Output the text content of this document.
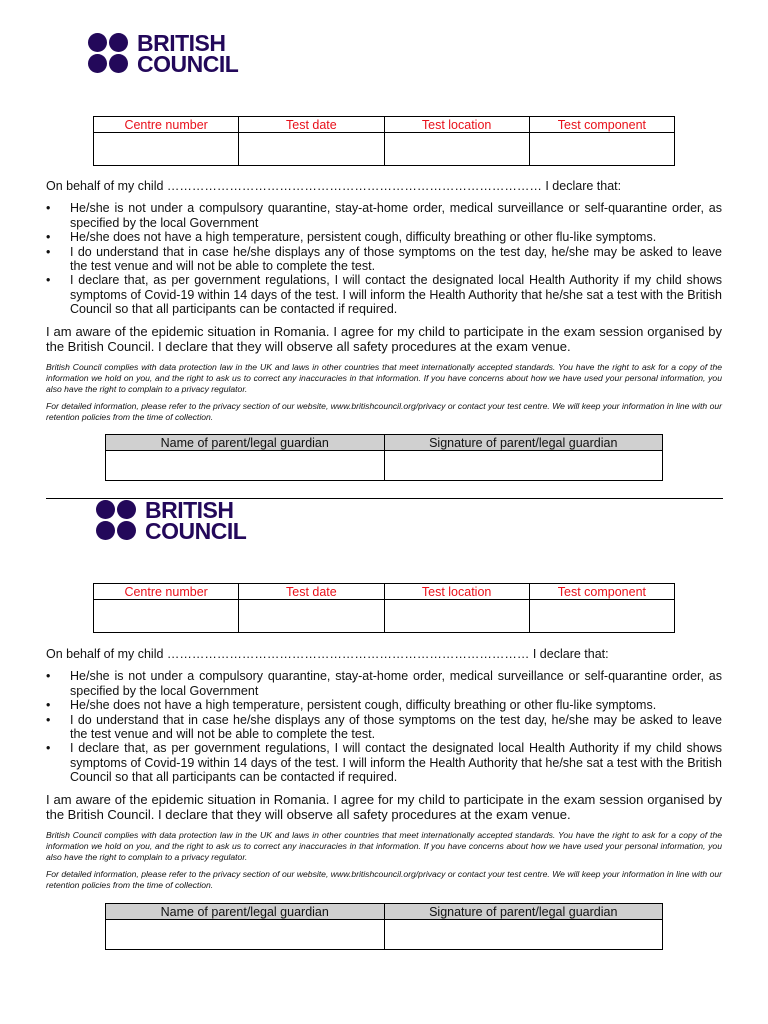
BRITISH
COUNCIL
Centre number	Test date	Test location	Test component

On behalf of my child ……………………………………………………………………………… I declare that:

• He/she is not under a compulsory quarantine, stay-at-home order, medical surveillance or self-quarantine order, as specified by the local Government
• He/she does not have a high temperature, persistent cough, difficulty breathing or other flu-like symptoms.
• I do understand that in case he/she displays any of those symptoms on the test day, he/she may be asked to leave the test venue and will not be able to complete the test.
• I declare that, as per government regulations, I will contact the designated local Health Authority if my child shows symptoms of Covid-19 within 14 days of the test. I will inform the Health Authority that he/she sat a test with the British Council so that all participants can be contacted if required.

I am aware of the epidemic situation in Romania. I agree for my child to participate in the exam session organised by the British Council. I declare that they will observe all safety procedures at the exam venue.

British Council complies with data protection law in the UK and laws in other countries that meet internationally accepted standards. You have the right to ask for a copy of the information we hold on you, and the right to ask us to correct any inaccuracies in that information. If you have concerns about how we have used your personal information, you also have the right to complain to a privacy regulator.

For detailed information, please refer to the privacy section of our website, www.britishcouncil.org/privacy or contact your test centre. We will keep your information in line with our retention policies from the time of collection.

Name of parent/legal guardian	Signature of parent/legal guardian

BRITISH
COUNCIL
Centre number	Test date	Test location	Test component

On behalf of my child …………………………………………………………………………… I declare that:

• He/she is not under a compulsory quarantine, stay-at-home order, medical surveillance or self-quarantine order, as specified by the local Government
• He/she does not have a high temperature, persistent cough, difficulty breathing or other flu-like symptoms.
• I do understand that in case he/she displays any of those symptoms on the test day, he/she may be asked to leave the test venue and will not be able to complete the test.
• I declare that, as per government regulations, I will contact the designated local Health Authority if my child shows symptoms of Covid-19 within 14 days of the test. I will inform the Health Authority that he/she sat a test with the British Council so that all participants can be contacted if required.

I am aware of the epidemic situation in Romania. I agree for my child to participate in the exam session organised by the British Council. I declare that they will observe all safety procedures at the exam venue.

British Council complies with data protection law in the UK and laws in other countries that meet internationally accepted standards. You have the right to ask for a copy of the information we hold on you, and the right to ask us to correct any inaccuracies in that information. If you have concerns about how we have used your personal information, you also have the right to complain to a privacy regulator.

For detailed information, please refer to the privacy section of our website, www.britishcouncil.org/privacy or contact your test centre. We will keep your information in line with our retention policies from the time of collection.

Name of parent/legal guardian	Signature of parent/legal guardian
